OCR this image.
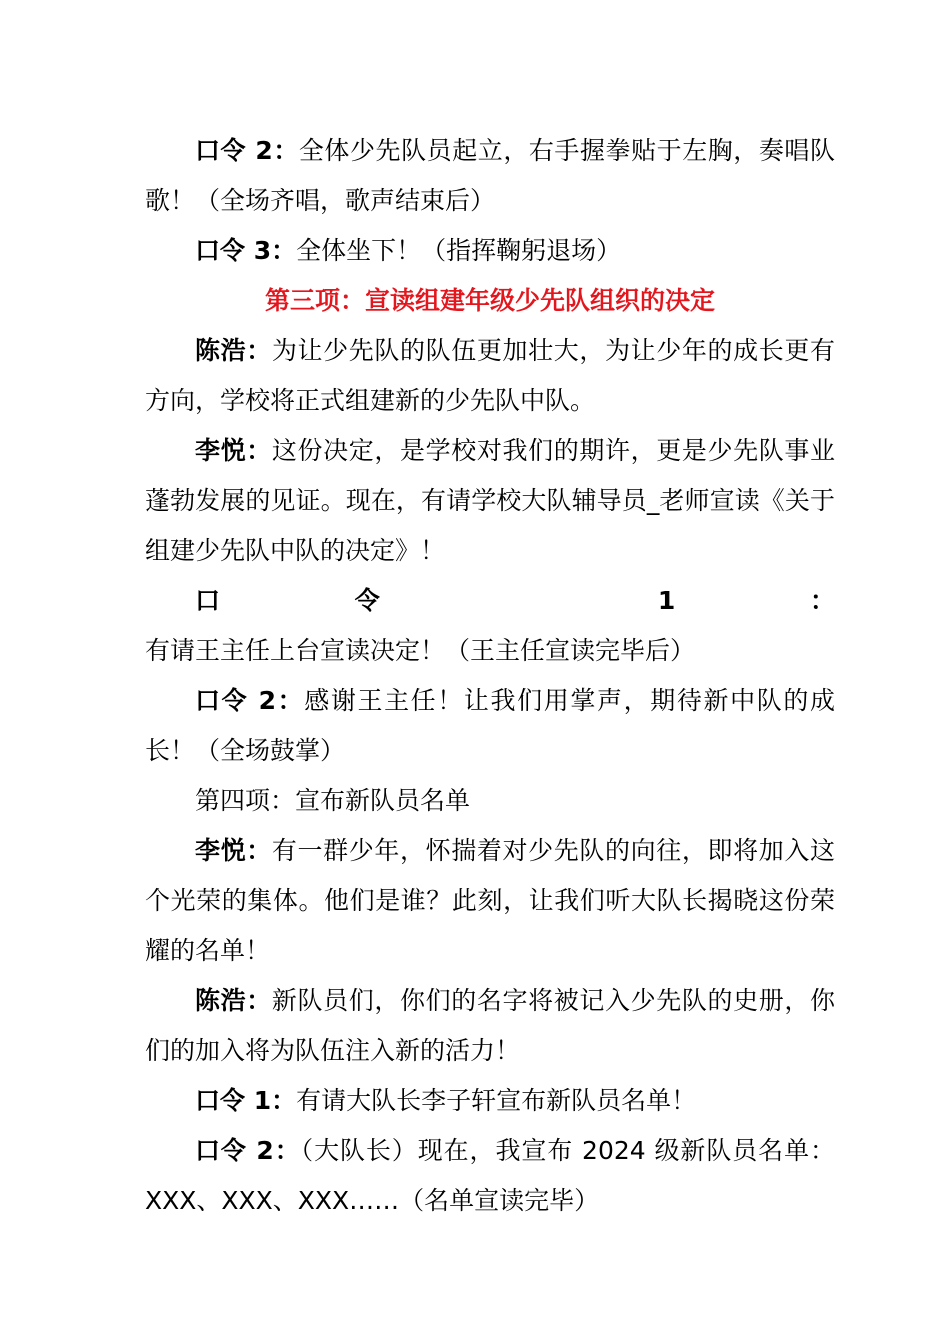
口令 2：全体少先队员起立，右手握拳贴于左胸，奏唱队歌！（全场齐唱，歌声结束后）

口令 3：全体坐下！（指挥鞠躬退场）

第三项：宣读组建年级少先队组织的决定

陈浩：为让少先队的队伍更加壮大，为让少年的成长更有方向，学校将正式组建新的少先队中队。

李悦：这份决定，是学校对我们的期许，更是少先队事业蓬勃发展的见证。现在，有请学校大队辅导员_老师宣读《关于组建少先队中队的决定》！

口令 1：有请王主任上台宣读决定！（王主任宣读完毕后）

口令 2：感谢王主任！让我们用掌声，期待新中队的成长！（全场鼓掌）

第四项：宣布新队员名单

李悦：有一群少年，怀揣着对少先队的向往，即将加入这个光荣的集体。他们是谁？此刻，让我们听大队长揭晓这份荣耀的名单！

陈浩：新队员们，你们的名字将被记入少先队的史册，你们的加入将为队伍注入新的活力！

口令 1：有请大队长李子轩宣布新队员名单！

口令 2：（大队长）现在，我宣布 2024 级新队员名单：XXX、XXX、XXX……（名单宣读完毕）
